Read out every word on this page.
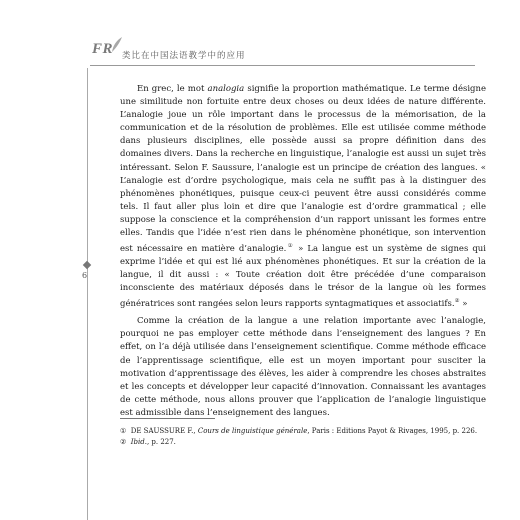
FR 类比在中国法语教学中的应用
6

En grec, le mot analogia signifie la proportion mathématique. Le terme désigne une similitude non fortuite entre deux choses ou deux idées de nature différente. L’analogie joue un rôle important dans le processus de la mémorisation, de la communication et de la résolution de problèmes. Elle est utilisée comme méthode dans plusieurs disciplines, elle possède aussi sa propre définition dans des domaines divers. Dans la recherche en linguistique, l’analogie est aussi un sujet très intéressant. Selon F. Saussure, l’analogie est un principe de création des langues. « L’analogie est d’ordre psychologique, mais cela ne suffit pas à la distinguer des phénomènes phonétiques, puisque ceux-ci peuvent être aussi considérés comme tels. Il faut aller plus loin et dire que l’analogie est d’ordre grammatical ; elle suppose la conscience et la compréhension d’un rapport unissant les formes entre elles. Tandis que l’idée n’est rien dans le phénomène phonétique, son intervention est nécessaire en matière d’analogie.① » La langue est un système de signes qui exprime l’idée et qui est lié aux phénomènes phonétiques. Et sur la création de la langue, il dit aussi : « Toute création doit être précédée d’une comparaison inconsciente des matériaux déposés dans le trésor de la langue où les formes génératrices sont rangées selon leurs rapports syntagmatiques et associatifs.② »

Comme la création de la langue a une relation importante avec l’analogie, pourquoi ne pas employer cette méthode dans l’enseignement des langues ? En effet, on l’a déjà utilisée dans l’enseignement scientifique. Comme méthode efficace de l’apprentissage scientifique, elle est un moyen important pour susciter la motivation d’apprentissage des élèves, les aider à comprendre les choses abstraites et les concepts et développer leur capacité d’innovation. Connaissant les avantages de cette méthode, nous allons prouver que l’application de l’analogie linguistique est admissible dans l’enseignement des langues.

① DE SAUSSURE F., Cours de linguistique générale, Paris : Editions Payot & Rivages, 1995, p. 226.

② Ibid., p. 227.
